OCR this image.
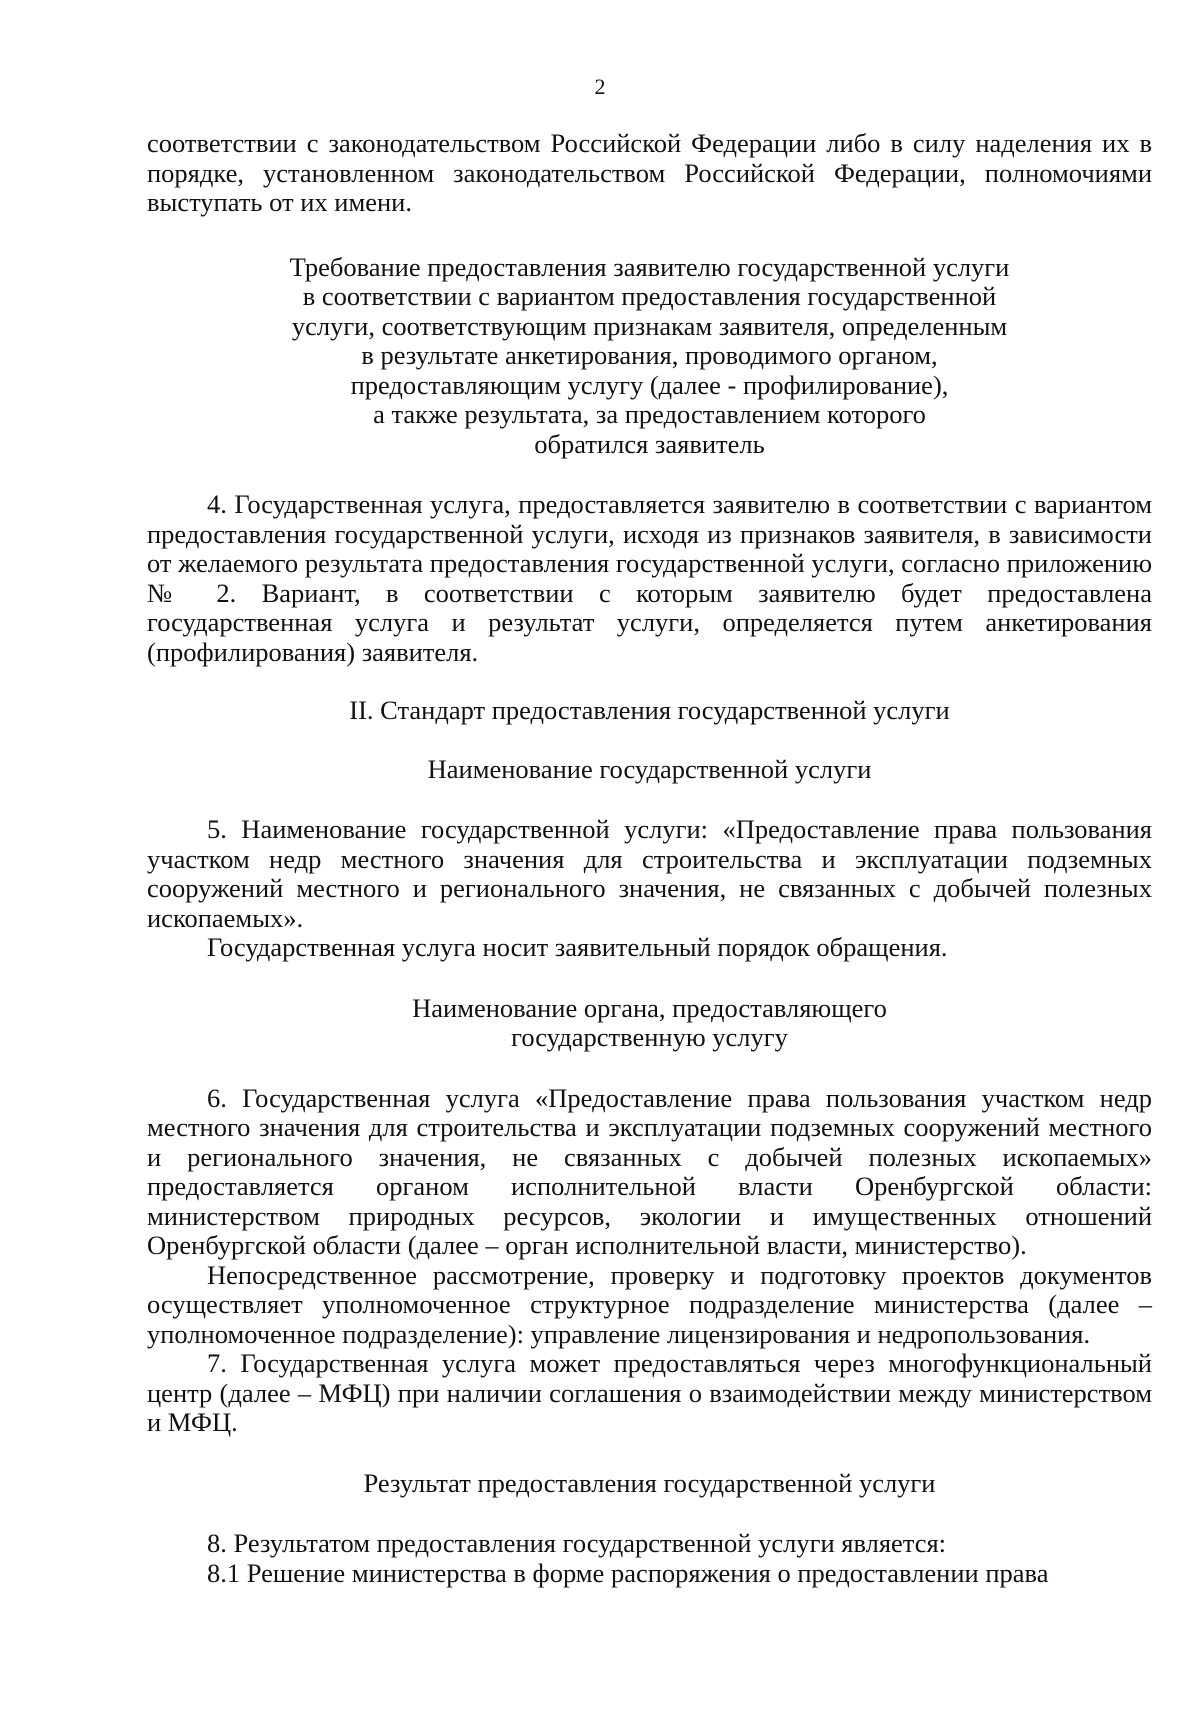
2

соответствии с законодательством Российской Федерации либо в силу наделения их в порядке, установленном законодательством Российской Федерации, полномочиями выступать от их имени.

Требование предоставления заявителю государственной услуги
в соответствии с вариантом предоставления государственной
услуги, соответствующим признакам заявителя, определенным
в результате анкетирования, проводимого органом,
предоставляющим услугу (далее - профилирование),
а также результата, за предоставлением которого
обратился заявитель

4. Государственная услуга, предоставляется заявителю в соответствии с вариантом предоставления государственной услуги, исходя из признаков заявителя, в зависимости от желаемого результата предоставления государственной услуги, согласно приложению № 2. Вариант, в соответствии с которым заявителю будет предоставлена государственная услуга и результат услуги, определяется путем анкетирования (профилирования) заявителя.

II. Стандарт предоставления государственной услуги

Наименование государственной услуги

5. Наименование государственной услуги: «Предоставление права пользования участком недр местного значения для строительства и эксплуатации подземных сооружений местного и регионального значения, не связанных с добычей полезных ископаемых».

Государственная услуга носит заявительный порядок обращения.

Наименование органа, предоставляющего
государственную услугу

6. Государственная услуга «Предоставление права пользования участком недр местного значения для строительства и эксплуатации подземных сооружений местного и регионального значения, не связанных с добычей полезных ископаемых» предоставляется органом исполнительной власти Оренбургской области: министерством природных ресурсов, экологии и имущественных отношений Оренбургской области (далее – орган исполнительной власти, министерство).

Непосредственное рассмотрение, проверку и подготовку проектов документов осуществляет уполномоченное структурное подразделение министерства (далее – уполномоченное подразделение): управление лицензирования и недропользования.

7. Государственная услуга может предоставляться через многофункциональный центр (далее – МФЦ) при наличии соглашения о взаимодействии между министерством и МФЦ.

Результат предоставления государственной услуги

8. Результатом предоставления государственной услуги является:

8.1 Решение министерства в форме распоряжения о предоставлении права
